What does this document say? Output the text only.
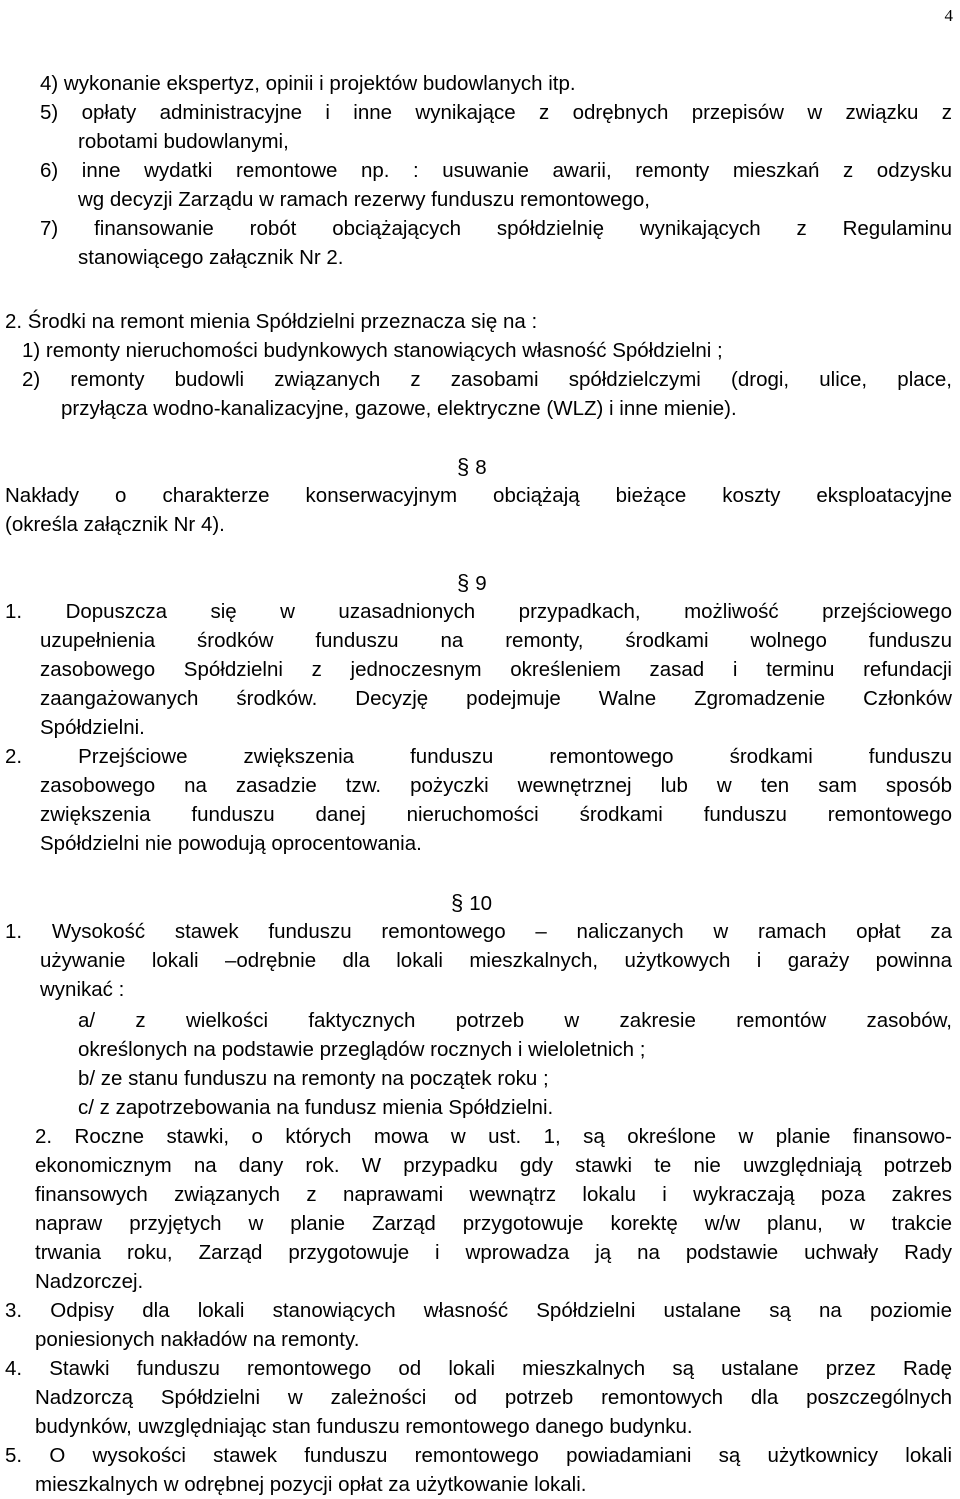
4
4) wykonanie ekspertyz, opinii i projektów budowlanych itp.
5) opłaty administracyjne i inne wynikające z odrębnych przepisów w związku z
robotami budowlanymi,
6) inne wydatki remontowe np. : usuwanie awarii, remonty mieszkań z odzysku
wg decyzji Zarządu w ramach rezerwy funduszu remontowego,
7) finansowanie robót obciążających spółdzielnię wynikających z Regulaminu
stanowiącego załącznik Nr 2.
2. Środki na remont mienia Spółdzielni przeznacza się na :
1) remonty nieruchomości budynkowych stanowiących własność Spółdzielni ;
2) remonty budowli związanych z zasobami spółdzielczymi (drogi, ulice, place,
przyłącza wodno-kanalizacyjne, gazowe, elektryczne (WLZ) i inne mienie).
§ 8
Nakłady o charakterze konserwacyjnym obciążają bieżące koszty eksploatacyjne
(określa załącznik Nr 4).
§ 9
1. Dopuszcza się w uzasadnionych przypadkach, możliwość przejściowego
uzupełnienia środków funduszu na remonty, środkami wolnego funduszu
zasobowego Spółdzielni z jednoczesnym określeniem zasad i terminu refundacji
zaangażowanych środków. Decyzję podejmuje Walne Zgromadzenie Członków
Spółdzielni.
2. Przejściowe zwiększenia funduszu remontowego środkami funduszu
zasobowego na zasadzie tzw. pożyczki wewnętrznej lub w ten sam sposób
zwiększenia funduszu danej nieruchomości środkami funduszu remontowego
Spółdzielni nie powodują oprocentowania.
§ 10
1. Wysokość stawek funduszu remontowego – naliczanych w ramach opłat za
używanie lokali –odrębnie dla lokali mieszkalnych, użytkowych i garaży powinna
wynikać :
a/ z wielkości faktycznych potrzeb w zakresie remontów zasobów,
określonych na podstawie przeglądów rocznych i wieloletnich ;
b/ ze stanu funduszu na remonty na początek roku ;
c/ z zapotrzebowania na fundusz mienia Spółdzielni.
2. Roczne stawki, o których mowa w ust. 1, są określone w planie finansowo-
ekonomicznym na dany rok. W przypadku gdy stawki te nie uwzględniają potrzeb
finansowych związanych z naprawami wewnątrz lokalu i wykraczają poza zakres
napraw przyjętych w planie Zarząd przygotowuje korektę w/w planu, w trakcie
trwania roku, Zarząd przygotowuje i wprowadza ją na podstawie uchwały Rady
Nadzorczej.
3. Odpisy dla lokali stanowiących własność Spółdzielni ustalane są na poziomie
poniesionych nakładów na remonty.
4. Stawki funduszu remontowego od lokali mieszkalnych są ustalane przez Radę
Nadzorczą Spółdzielni w zależności od potrzeb remontowych dla poszczególnych
budynków, uwzględniając stan funduszu remontowego danego budynku.
5. O wysokości stawek funduszu remontowego powiadamiani są użytkownicy lokali
mieszkalnych w odrębnej pozycji opłat za użytkowanie lokali.
